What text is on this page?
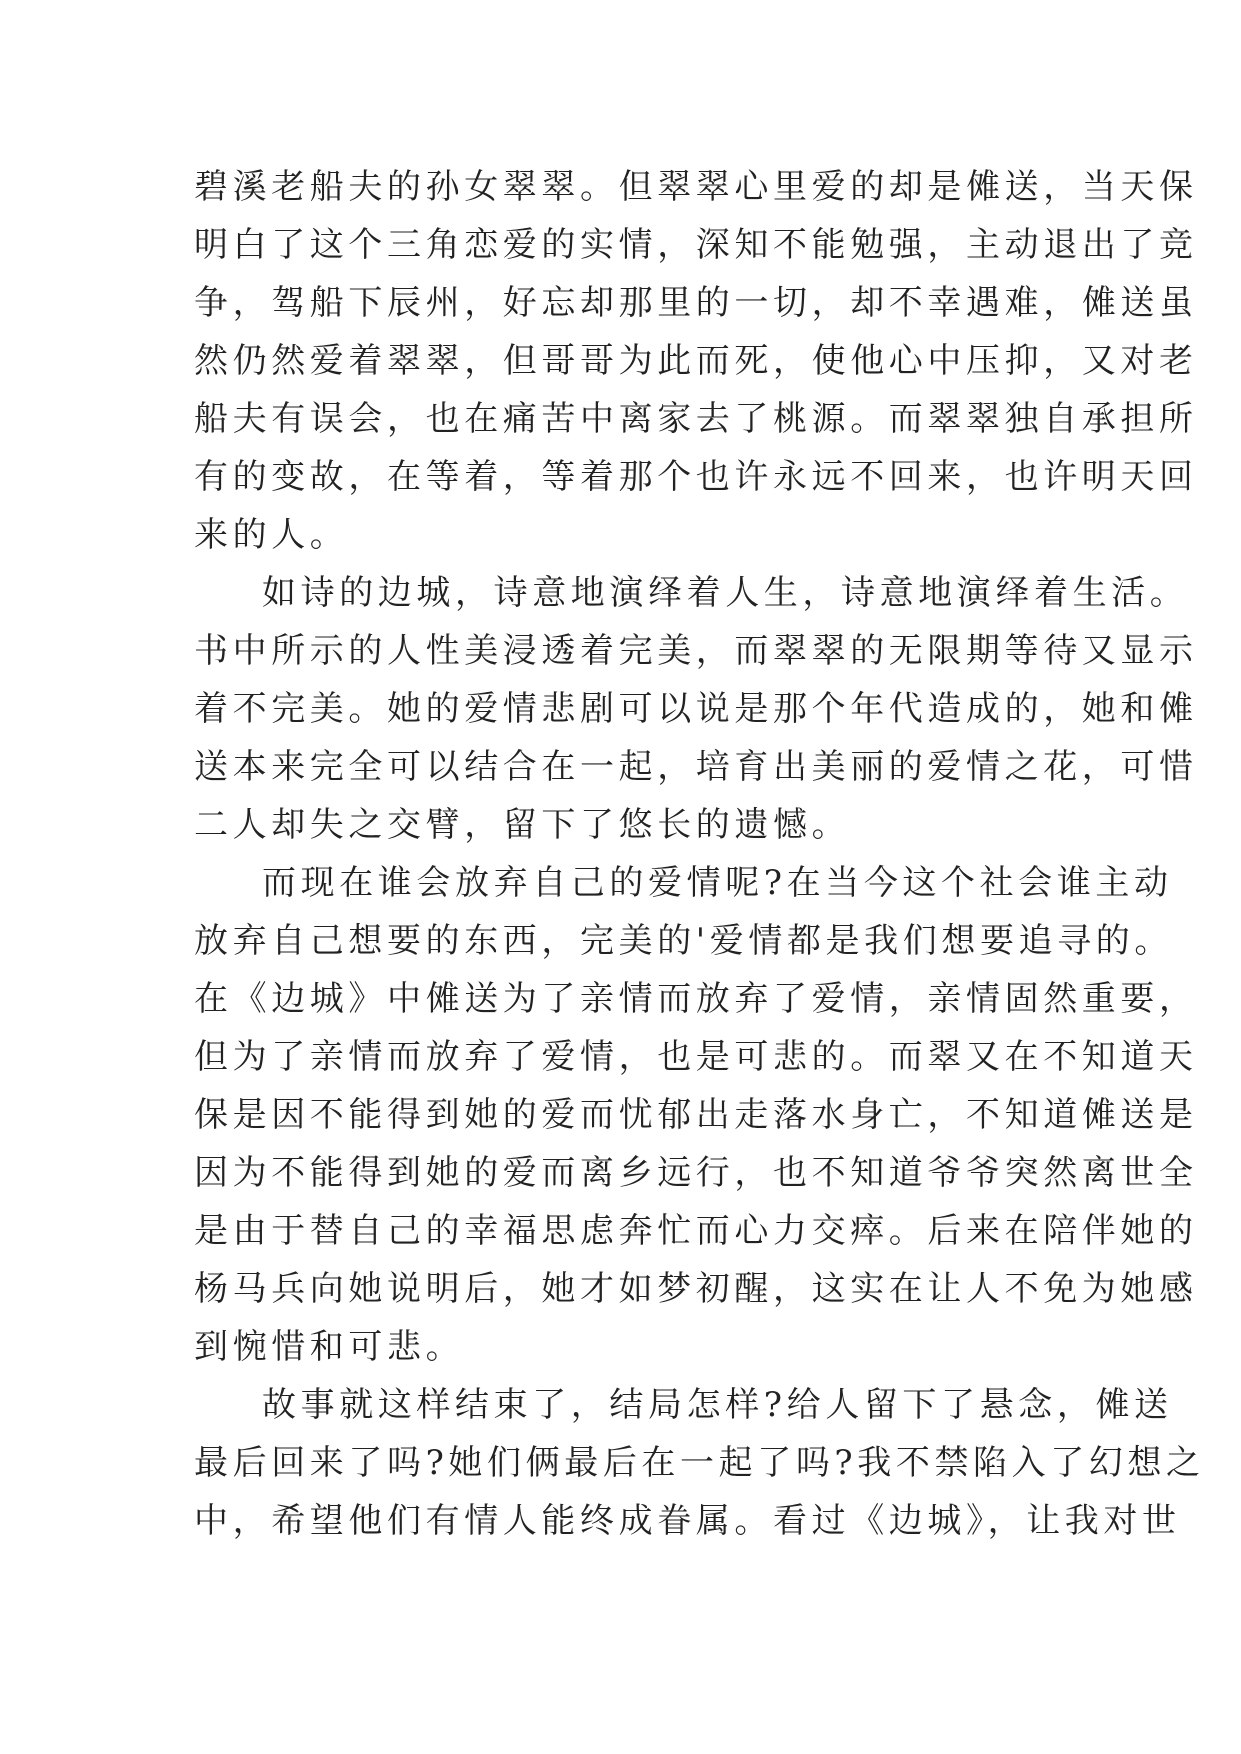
碧溪老船夫的孙女翠翠。但翠翠心里爱的却是傩送，当天保
明白了这个三角恋爱的实情，深知不能勉强，主动退出了竞
争，驾船下辰州，好忘却那里的一切，却不幸遇难，傩送虽
然仍然爱着翠翠，但哥哥为此而死，使他心中压抑，又对老
船夫有误会，也在痛苦中离家去了桃源。而翠翠独自承担所
有的变故，在等着，等着那个也许永远不回来，也许明天回
来的人。
如诗的边城，诗意地演绎着人生，诗意地演绎着生活。
书中所示的人性美浸透着完美，而翠翠的无限期等待又显示
着不完美。她的爱情悲剧可以说是那个年代造成的，她和傩
送本来完全可以结合在一起，培育出美丽的爱情之花，可惜
二人却失之交臂，留下了悠长的遗憾。
而现在谁会放弃自己的爱情呢?在当今这个社会谁主动
放弃自己想要的东西，完美的'爱情都是我们想要追寻的。
在《边城》中傩送为了亲情而放弃了爱情，亲情固然重要，
但为了亲情而放弃了爱情，也是可悲的。而翠又在不知道天
保是因不能得到她的爱而忧郁出走落水身亡，不知道傩送是
因为不能得到她的爱而离乡远行，也不知道爷爷突然离世全
是由于替自己的幸福思虑奔忙而心力交瘁。后来在陪伴她的
杨马兵向她说明后，她才如梦初醒，这实在让人不免为她感
到惋惜和可悲。
故事就这样结束了，结局怎样?给人留下了悬念，傩送
最后回来了吗?她们俩最后在一起了吗?我不禁陷入了幻想之
中，希望他们有情人能终成眷属。看过《边城》，让我对世
